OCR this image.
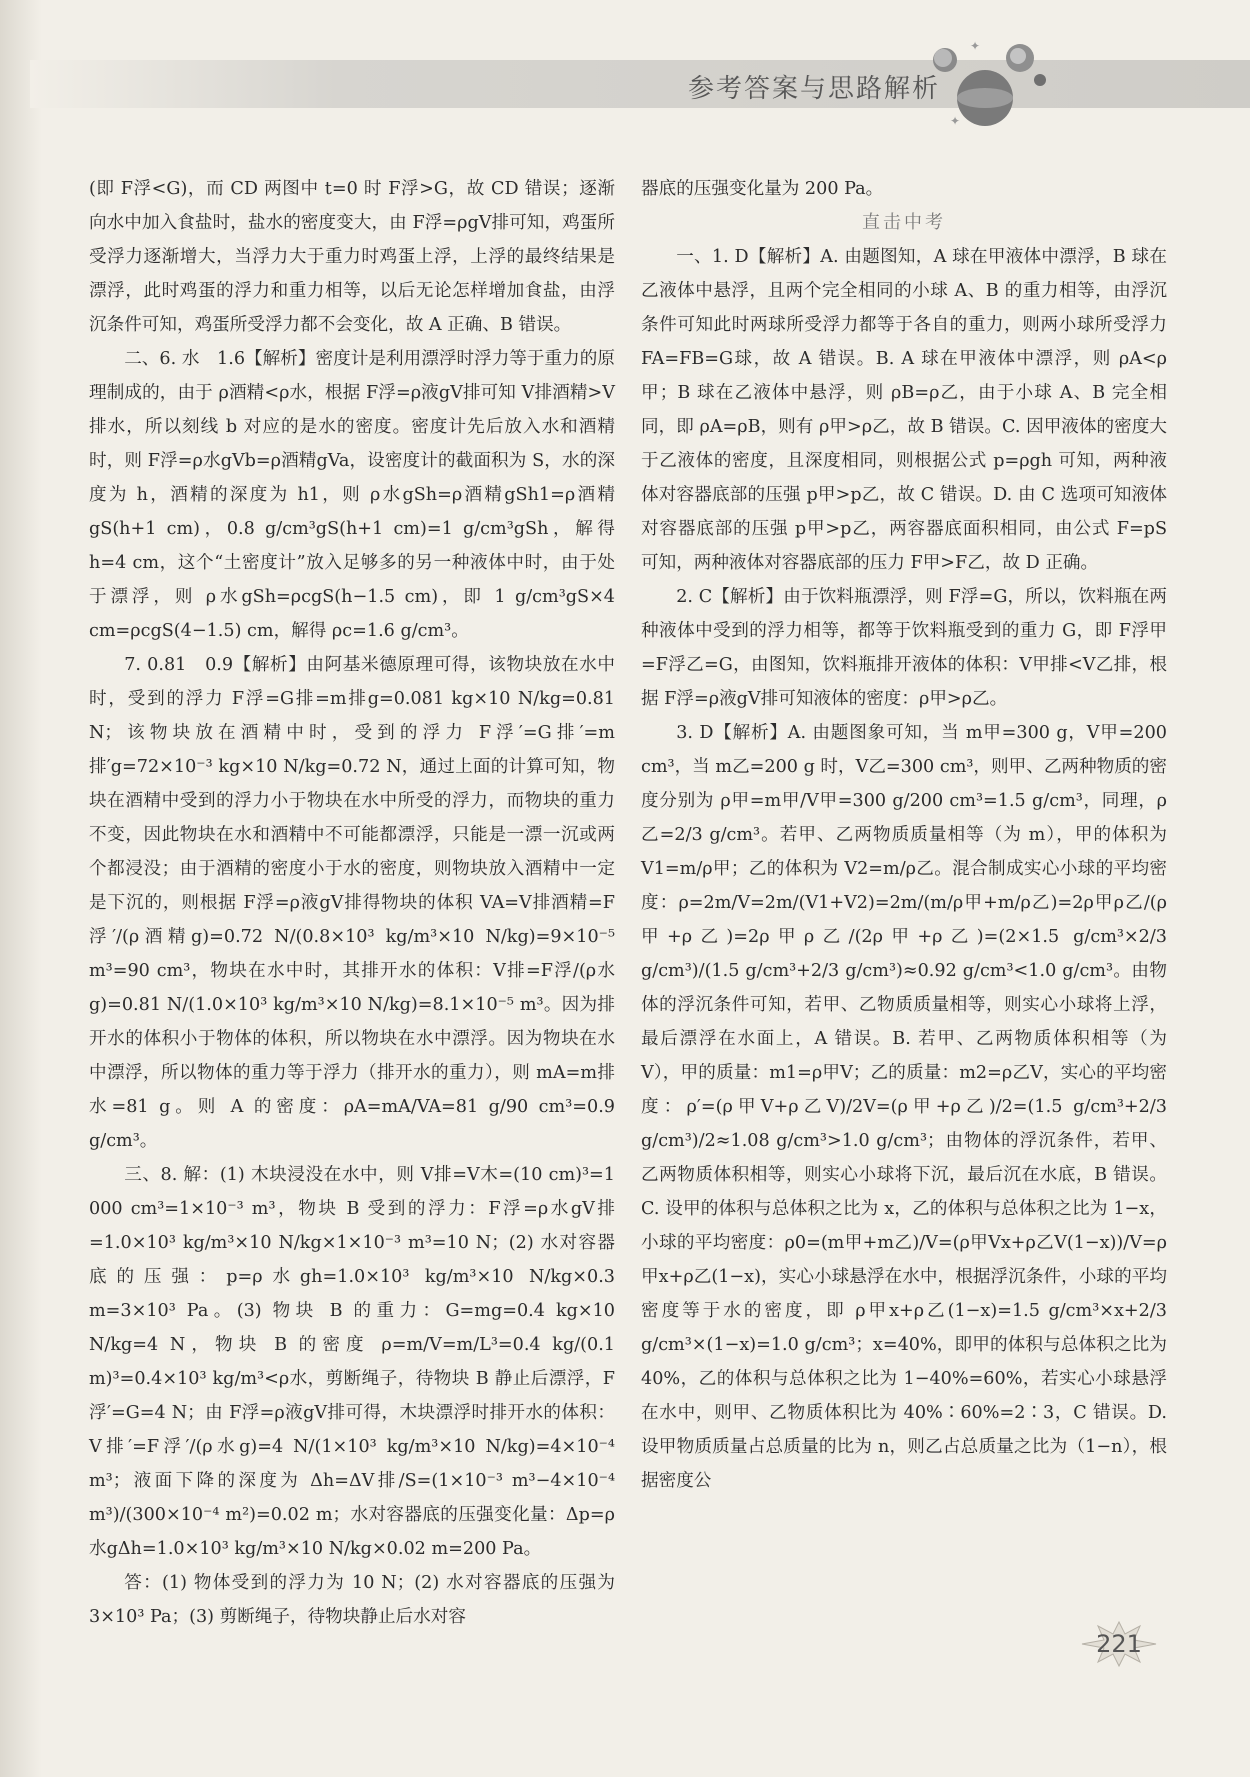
✦
✦
参考答案与思路解析

(即 F浮<G)，而 CD 两图中 t=0 时 F浮>G，故 CD 错误；逐渐向水中加入食盐时，盐水的密度变大，由 F浮=ρgV排可知，鸡蛋所受浮力逐渐增大，当浮力大于重力时鸡蛋上浮，上浮的最终结果是漂浮，此时鸡蛋的浮力和重力相等，以后无论怎样增加食盐，由浮沉条件可知，鸡蛋所受浮力都不会变化，故 A 正确、B 错误。

二、6. 水　1.6【解析】密度计是利用漂浮时浮力等于重力的原理制成的，由于 ρ酒精<ρ水，根据 F浮=ρ液gV排可知 V排酒精>V排水，所以刻线 b 对应的是水的密度。密度计先后放入水和酒精时，则 F浮=ρ水gVb=ρ酒精gVa，设密度计的截面积为 S，水的深度为 h，酒精的深度为 h1，则 ρ水gSh=ρ酒精gSh1=ρ酒精gS(h+1 cm)，0.8 g/cm³gS(h+1 cm)=1 g/cm³gSh，解得 h=4 cm，这个“土密度计”放入足够多的另一种液体中时，由于处于漂浮，则 ρ水gSh=ρcgS(h−1.5 cm)，即 1 g/cm³gS×4 cm=ρcgS(4−1.5) cm，解得 ρc=1.6 g/cm³。

7. 0.81　0.9【解析】由阿基米德原理可得，该物块放在水中时，受到的浮力 F浮=G排=m排g=0.081 kg×10 N/kg=0.81 N；该物块放在酒精中时，受到的浮力 F浮′=G排′=m排′g=72×10⁻³ kg×10 N/kg=0.72 N，通过上面的计算可知，物块在酒精中受到的浮力小于物块在水中所受的浮力，而物块的重力不变，因此物块在水和酒精中不可能都漂浮，只能是一漂一沉或两个都浸没；由于酒精的密度小于水的密度，则物块放入酒精中一定是下沉的，则根据 F浮=ρ液gV排得物块的体积 VA=V排酒精=F浮′/(ρ酒精g)=0.72 N/(0.8×10³ kg/m³×10 N/kg)=9×10⁻⁵ m³=90 cm³，物块在水中时，其排开水的体积：V排=F浮/(ρ水g)=0.81 N/(1.0×10³ kg/m³×10 N/kg)=8.1×10⁻⁵ m³。因为排开水的体积小于物体的体积，所以物块在水中漂浮。因为物块在水中漂浮，所以物体的重力等于浮力（排开水的重力），则 mA=m排水=81 g。则 A 的密度：ρA=mA/VA=81 g/90 cm³=0.9 g/cm³。

三、8. 解：(1) 木块浸没在水中，则 V排=V木=(10 cm)³=1 000 cm³=1×10⁻³ m³，物块 B 受到的浮力：F浮=ρ水gV排=1.0×10³ kg/m³×10 N/kg×1×10⁻³ m³=10 N；(2) 水对容器底的压强：p=ρ水gh=1.0×10³ kg/m³×10 N/kg×0.3 m=3×10³ Pa。(3) 物块 B 的重力：G=mg=0.4 kg×10 N/kg=4 N，物块 B 的密度 ρ=m/V=m/L³=0.4 kg/(0.1 m)³=0.4×10³ kg/m³<ρ水，剪断绳子，待物块 B 静止后漂浮，F浮′=G=4 N；由 F浮=ρ液gV排可得，木块漂浮时排开水的体积：V排′=F浮′/(ρ水g)=4 N/(1×10³ kg/m³×10 N/kg)=4×10⁻⁴ m³；液面下降的深度为 Δh=ΔV排/S=(1×10⁻³ m³−4×10⁻⁴ m³)/(300×10⁻⁴ m²)=0.02 m；水对容器底的压强变化量：Δp=ρ水gΔh=1.0×10³ kg/m³×10 N/kg×0.02 m=200 Pa。

答：(1) 物体受到的浮力为 10 N；(2) 水对容器底的压强为 3×10³ Pa；(3) 剪断绳子，待物块静止后水对容

器底的压强变化量为 200 Pa。

直击中考

一、1. D【解析】A. 由题图知，A 球在甲液体中漂浮，B 球在乙液体中悬浮，且两个完全相同的小球 A、B 的重力相等，由浮沉条件可知此时两球所受浮力都等于各自的重力，则两小球所受浮力 FA=FB=G球，故 A 错误。B. A 球在甲液体中漂浮，则 ρA<ρ甲；B 球在乙液体中悬浮，则 ρB=ρ乙，由于小球 A、B 完全相同，即 ρA=ρB，则有 ρ甲>ρ乙，故 B 错误。C. 因甲液体的密度大于乙液体的密度，且深度相同，则根据公式 p=ρgh 可知，两种液体对容器底部的压强 p甲>p乙，故 C 错误。D. 由 C 选项可知液体对容器底部的压强 p甲>p乙，两容器底面积相同，由公式 F=pS 可知，两种液体对容器底部的压力 F甲>F乙，故 D 正确。

2. C【解析】由于饮料瓶漂浮，则 F浮=G，所以，饮料瓶在两种液体中受到的浮力相等，都等于饮料瓶受到的重力 G，即 F浮甲=F浮乙=G，由图知，饮料瓶排开液体的体积：V甲排<V乙排，根据 F浮=ρ液gV排可知液体的密度：ρ甲>ρ乙。

3. D【解析】A. 由题图象可知，当 m甲=300 g，V甲=200 cm³，当 m乙=200 g 时，V乙=300 cm³，则甲、乙两种物质的密度分别为 ρ甲=m甲/V甲=300 g/200 cm³=1.5 g/cm³，同理，ρ乙=2/3 g/cm³。若甲、乙两物质质量相等（为 m），甲的体积为 V1=m/ρ甲；乙的体积为 V2=m/ρ乙。混合制成实心小球的平均密度：ρ=2m/V=2m/(V1+V2)=2m/(m/ρ甲+m/ρ乙)=2ρ甲ρ乙/(ρ甲+ρ乙)=2ρ甲ρ乙/(2ρ甲+ρ乙)=(2×1.5 g/cm³×2/3 g/cm³)/(1.5 g/cm³+2/3 g/cm³)≈0.92 g/cm³<1.0 g/cm³。由物体的浮沉条件可知，若甲、乙物质质量相等，则实心小球将上浮，最后漂浮在水面上，A 错误。B. 若甲、乙两物质体积相等（为 V），甲的质量：m1=ρ甲V；乙的质量：m2=ρ乙V，实心的平均密度：ρ′=(ρ甲V+ρ乙V)/2V=(ρ甲+ρ乙)/2=(1.5 g/cm³+2/3 g/cm³)/2≈1.08 g/cm³>1.0 g/cm³；由物体的浮沉条件，若甲、乙两物质体积相等，则实心小球将下沉，最后沉在水底，B 错误。C. 设甲的体积与总体积之比为 x，乙的体积与总体积之比为 1−x，小球的平均密度：ρ0=(m甲+m乙)/V=(ρ甲Vx+ρ乙V(1−x))/V=ρ甲x+ρ乙(1−x)，实心小球悬浮在水中，根据浮沉条件，小球的平均密度等于水的密度，即 ρ甲x+ρ乙(1−x)=1.5 g/cm³×x+2/3 g/cm³×(1−x)=1.0 g/cm³；x=40%，即甲的体积与总体积之比为 40%，乙的体积与总体积之比为 1−40%=60%，若实心小球悬浮在水中，则甲、乙物质体积比为 40%∶60%=2∶3，C 错误。D. 设甲物质质量占总质量的比为 n，则乙占总质量之比为（1−n），根据密度公

221
